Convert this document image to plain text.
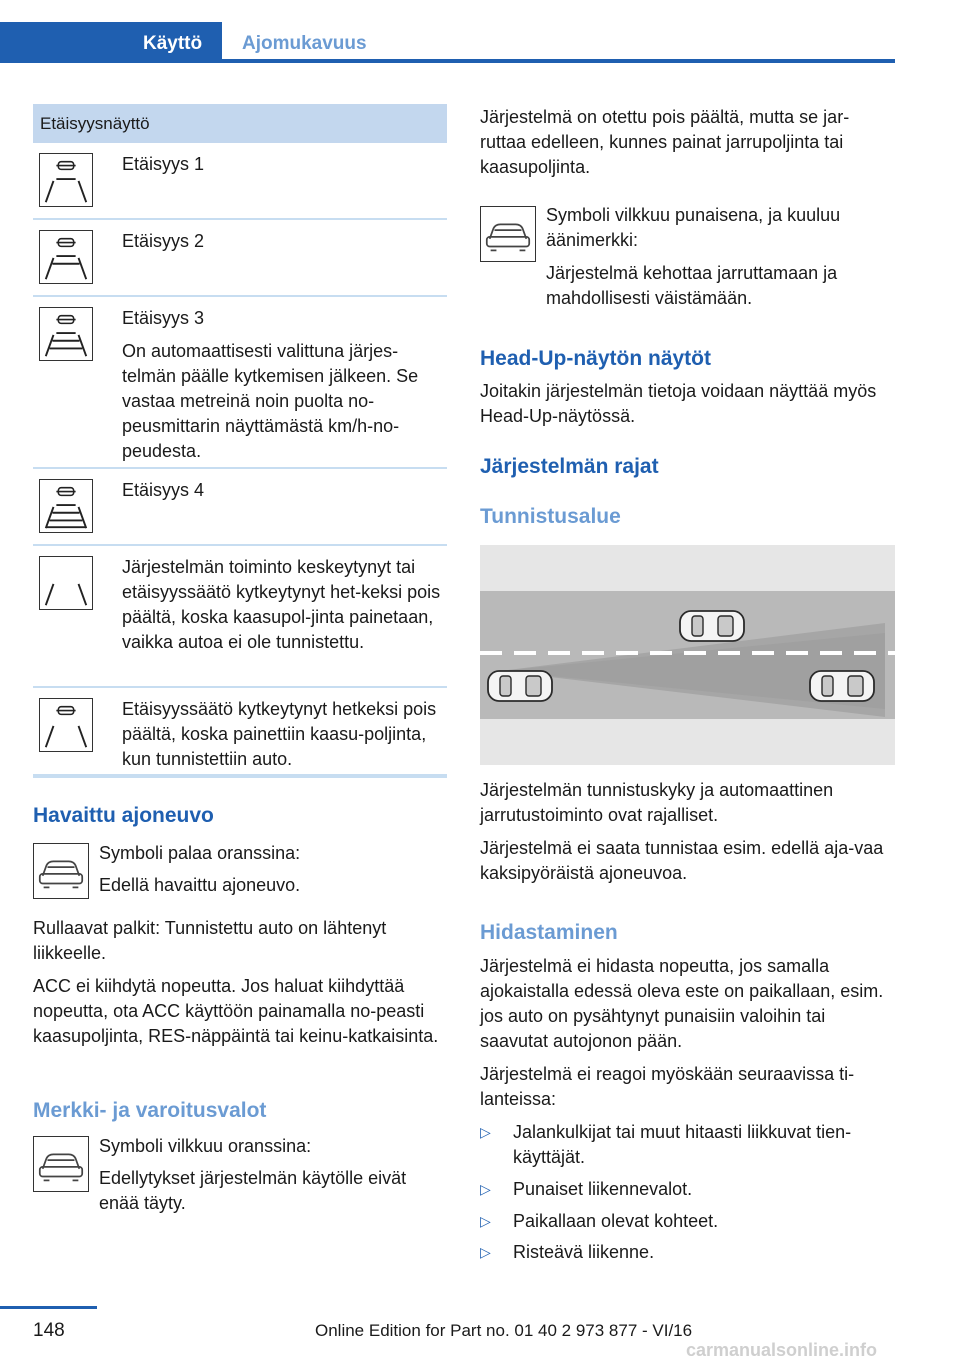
Käyttö Ajomukavuus
Etäisyysnäyttö

Etäisyys 1

Etäisyys 2

Etäisyys 3

On automaattisesti valittuna järjes-telmän päälle kytkemisen jälkeen. Se vastaa metreinä noin puolta no-peusmittarin näyttämästä km/h-no-peudesta.

Etäisyys 4

Järjestelmän toiminto keskeytynyt tai etäisyyssäätö kytkeytynyt het-keksi pois päältä, koska kaasupol-jinta painetaan, vaikka autoa ei ole tunnistettu.

Etäisyyssäätö kytkeytynyt hetkeksi pois päältä, koska painettiin kaasu-poljinta, kun tunnistettiin auto.

Havaittu ajoneuvo

Symboli palaa oranssina:

Edellä havaittu ajoneuvo.

Rullaavat palkit: Tunnistettu auto on lähtenyt liikkeelle.

ACC ei kiihdytä nopeutta. Jos haluat kiihdyttää nopeutta, ota ACC käyttöön painamalla no-peasti kaasupoljinta, RES-näppäintä tai keinu-katkaisinta.

Merkki- ja varoitusvalot

Symboli vilkkuu oranssina:

Edellytykset järjestelmän käytölle eivät enää täyty.

Järjestelmä on otettu pois päältä, mutta se jar-ruttaa edelleen, kunnes painat jarrupoljinta tai kaasupoljinta.

Symboli vilkkuu punaisena, ja kuuluu äänimerkki:

Järjestelmä kehottaa jarruttamaan ja mahdollisesti väistämään.

Head-Up-näytön näytöt

Joitakin järjestelmän tietoja voidaan näyttää myös Head-Up-näytössä.

Järjestelmän rajat
Tunnistusalue

Järjestelmän tunnistuskyky ja automaattinen jarrutustoiminto ovat rajalliset.

Järjestelmä ei saata tunnistaa esim. edellä aja-vaa kaksipyöräistä ajoneuvoa.

Hidastaminen

Järjestelmä ei hidasta nopeutta, jos samalla ajokaistalla edessä oleva este on paikallaan, esim. jos auto on pysähtynyt punaisiin valoihin tai saavutat autojonon pään.

Järjestelmä ei reagoi myöskään seuraavissa ti-lanteissa:

▷ Jalankulkijat tai muut hitaasti liikkuvat tien-käyttäjät.

▷ Punaiset liikennevalot.

▷ Paikallaan olevat kohteet.

▷ Risteävä liikenne.

148	Online Edition for Part no. 01 40 2 973 877 - VI/16
carmanualsonline.info
